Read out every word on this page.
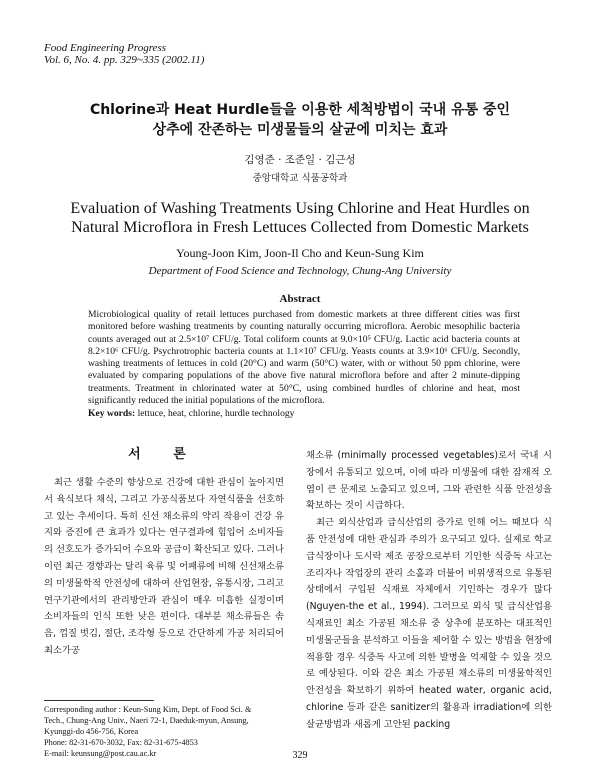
Food Engineering Progress
Vol. 6, No. 4. pp. 329~335 (2002.11)
Chlorine과 Heat Hurdle들을 이용한 세척방법이 국내 유통 중인
상추에 잔존하는 미생물들의 살균에 미치는 효과
김영준 · 조준일 · 김근성
중앙대학교 식품공학과
Evaluation of Washing Treatments Using Chlorine and Heat Hurdles on
Natural Microflora in Fresh Lettuces Collected from Domestic Markets
Young-Joon Kim, Joon-Il Cho and Keun-Sung Kim
Department of Food Science and Technology, Chung-Ang University
Abstract

Microbiological quality of retail lettuces purchased from domestic markets at three different cities was first monitored before washing treatments by counting naturally occurring microflora. Aerobic mesophilic bacteria counts averaged out at 2.5×10⁷ CFU/g. Total coliform counts at 9.0×10⁵ CFU/g. Lactic acid bacteria counts at 8.2×10⁶ CFU/g. Psychrotrophic bacteria counts at 1.1×10⁷ CFU/g. Yeasts counts at 3.9×10⁶ CFU/g. Secondly, washing treatments of lettuces in cold (20°C) and warm (50°C) water, with or without 50 ppm chlorine, were evaluated by comparing populations of the above five natural microflora before and after 2 minute-dipping treatments. Treatment in chlorinated water at 50°C, using combined hurdles of chlorine and heat, most significantly reduced the initial populations of the microflora.

Key words: lettuce, heat, chlorine, hurdle technology
서 론

최근 생활 수준의 향상으로 건강에 대한 관심이 높아지면서 육식보다 채식, 그리고 가공식품보다 자연식품을 선호하고 있는 추세이다. 특히 신선 채소류의 약리 작용이 건강 유지와 증진에 큰 효과가 있다는 연구결과에 힘입어 소비자들의 선호도가 증가되어 수요와 공급이 확산되고 있다. 그러나 이런 최근 경향과는 달리 육류 및 어패류에 비해 신선채소류의 미생물학적 안전성에 대하여 산업현장, 유통시장, 그리고 연구기관에서의 관리방안과 관심이 매우 미흡한 실정이며 소비자들의 인식 또한 낮은 편이다. 대부분 채소류들은 솎음, 껍질 벗김, 절단, 조각형 등으로 간단하게 가공 처리되어 최소가공

채소류 (minimally processed vegetables)로서 국내 시장에서 유통되고 있으며, 이에 따라 미생물에 대한 잠재적 오염이 큰 문제로 노출되고 있으며, 그와 관련한 식품 안전성을 확보하는 것이 시급하다.

최근 외식산업과 급식산업의 증가로 인해 어느 때보다 식품 안전성에 대한 관심과 주의가 요구되고 있다. 실제로 학교 급식장이나 도시락 제조 공장으로부터 기인한 식중독 사고는 조리자나 작업장의 관리 소홀과 더불어 비위생적으로 유통된 상태에서 구입된 식재료 자체에서 기인하는 경우가 많다(Nguyen-the et al., 1994). 그러므로 외식 및 급식산업용 식재료인 최소 가공된 채소류 중 상추에 분포하는 대표적인 미생물군들을 분석하고 이들을 제어할 수 있는 방법을 현장에 적용할 경우 식중독 사고에 의한 발병을 억제할 수 있을 것으로 예상된다. 이와 같은 최소 가공된 채소류의 미생물학적인 안전성을 확보하기 위하여 heated water, organic acid, chlorine 등과 같은 sanitizer의 활용과 irradiation에 의한 살균방법과 새롭게 고안된 packing

Corresponding author : Keun-Sung Kim, Dept. of Food Sci. &
Tech., Chung-Ang Univ., Naeri 72-1, Daeduk-myun, Ansung,
Kyunggi-do 456-756, Korea
Phone: 82-31-670-3032, Fax: 82-31-675-4853
E-mail: keunsung@post.cau.ac.kr	329
